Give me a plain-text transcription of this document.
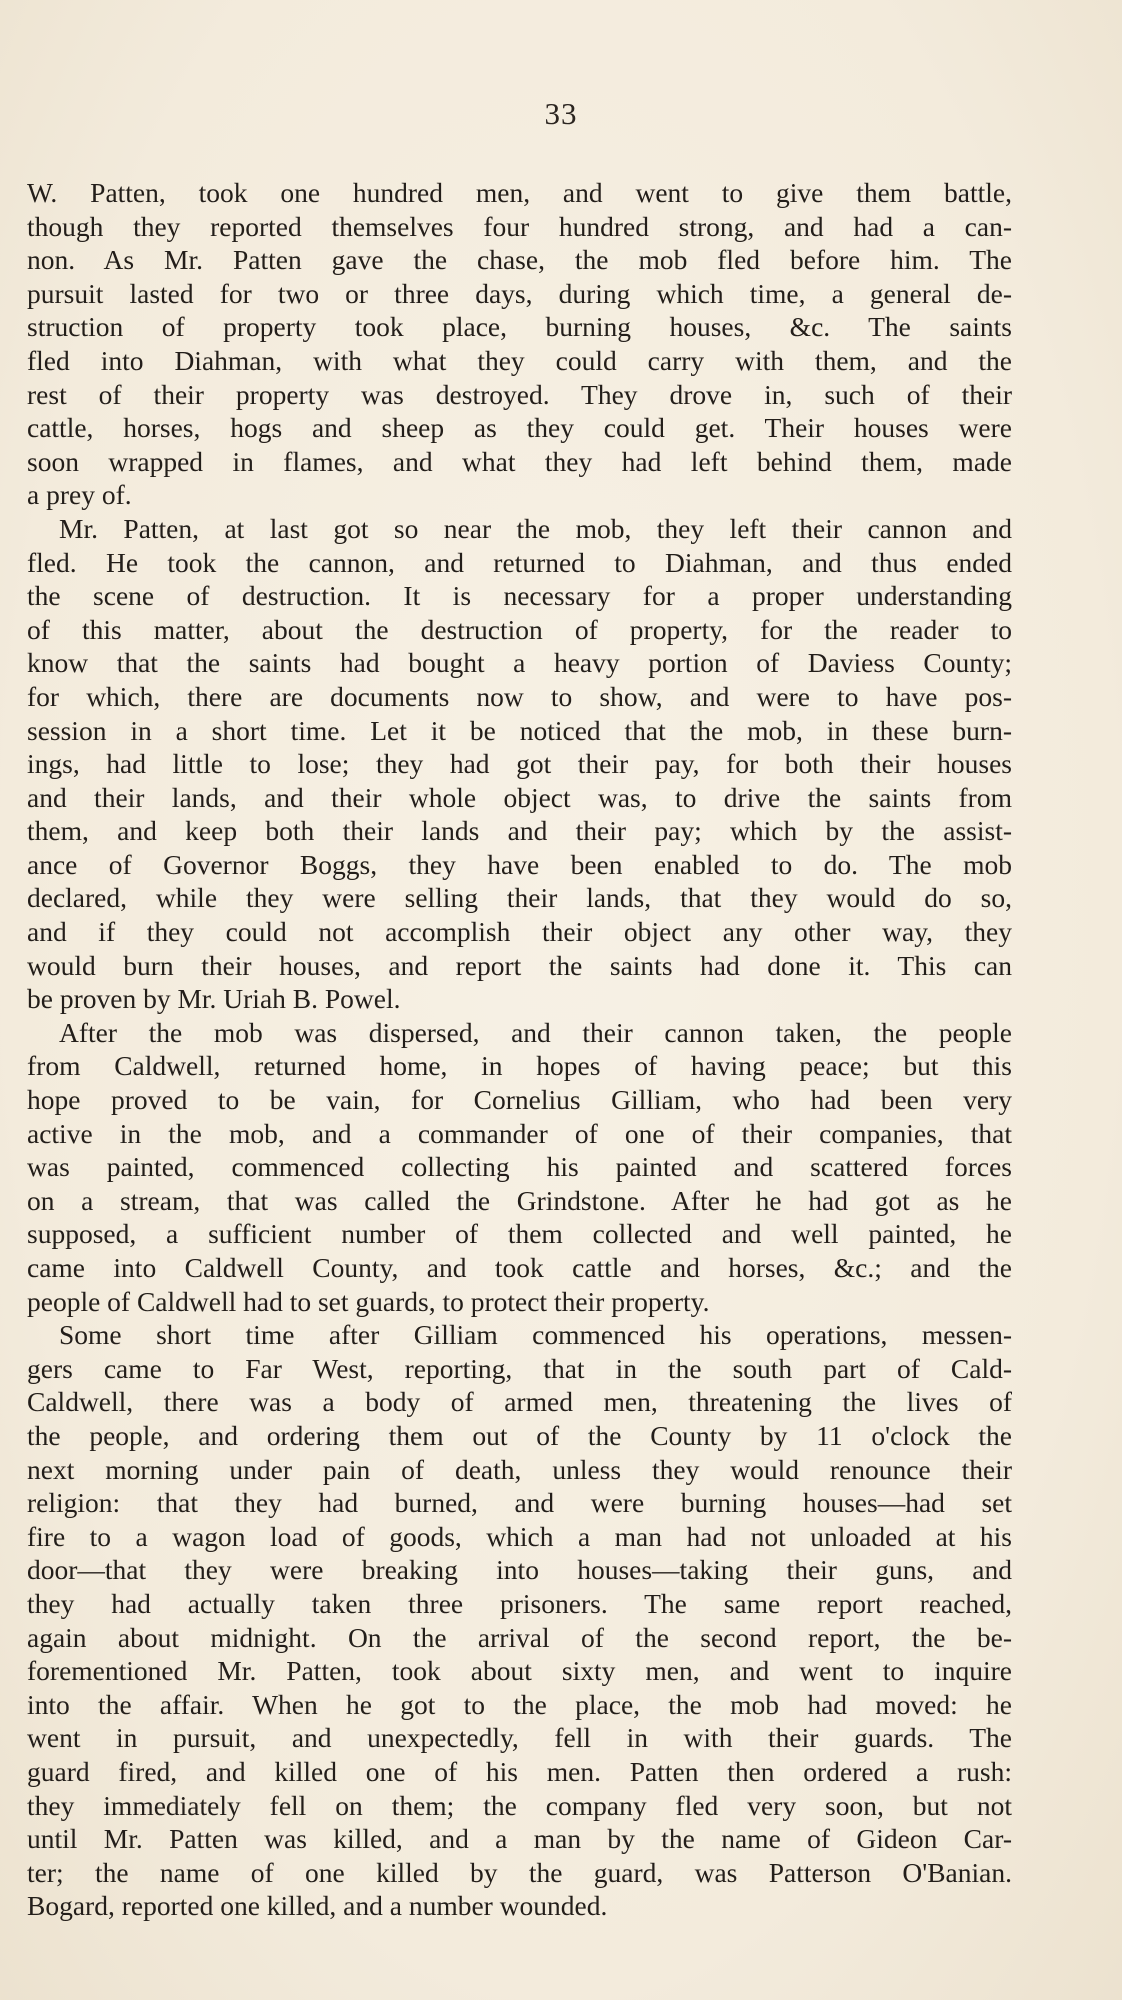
33
W. Patten, took one hundred men, and went to give them battle,
though they reported themselves four hundred strong, and had a can-
non. As Mr. Patten gave the chase, the mob fled before him. The
pursuit lasted for two or three days, during which time, a general de-
struction of property took place, burning houses, &c. The saints
fled into Diahman, with what they could carry with them, and the
rest of their property was destroyed. They drove in, such of their
cattle, horses, hogs and sheep as they could get. Their houses were
soon wrapped in flames, and what they had left behind them, made
a prey of.
Mr. Patten, at last got so near the mob, they left their cannon and
fled. He took the cannon, and returned to Diahman, and thus ended
the scene of destruction. It is necessary for a proper understanding
of this matter, about the destruction of property, for the reader to
know that the saints had bought a heavy portion of Daviess County;
for which, there are documents now to show, and were to have pos-
session in a short time. Let it be noticed that the mob, in these burn-
ings, had little to lose; they had got their pay, for both their houses
and their lands, and their whole object was, to drive the saints from
them, and keep both their lands and their pay; which by the assist-
ance of Governor Boggs, they have been enabled to do. The mob
declared, while they were selling their lands, that they would do so,
and if they could not accomplish their object any other way, they
would burn their houses, and report the saints had done it. This can
be proven by Mr. Uriah B. Powel.
After the mob was dispersed, and their cannon taken, the people
from Caldwell, returned home, in hopes of having peace; but this
hope proved to be vain, for Cornelius Gilliam, who had been very
active in the mob, and a commander of one of their companies, that
was painted, commenced collecting his painted and scattered forces
on a stream, that was called the Grindstone. After he had got as he
supposed, a sufficient number of them collected and well painted, he
came into Caldwell County, and took cattle and horses, &c.; and the
people of Caldwell had to set guards, to protect their property.
Some short time after Gilliam commenced his operations, messen-
gers came to Far West, reporting, that in the south part of Cald-
Caldwell, there was a body of armed men, threatening the lives of
the people, and ordering them out of the County by 11 o'clock the
next morning under pain of death, unless they would renounce their
religion: that they had burned, and were burning houses—had set
fire to a wagon load of goods, which a man had not unloaded at his
door—that they were breaking into houses—taking their guns, and
they had actually taken three prisoners. The same report reached,
again about midnight. On the arrival of the second report, the be-
forementioned Mr. Patten, took about sixty men, and went to inquire
into the affair. When he got to the place, the mob had moved: he
went in pursuit, and unexpectedly, fell in with their guards. The
guard fired, and killed one of his men. Patten then ordered a rush:
they immediately fell on them; the company fled very soon, but not
until Mr. Patten was killed, and a man by the name of Gideon Car-
ter; the name of one killed by the guard, was Patterson O'Banian.
Bogard, reported one killed, and a number wounded.
